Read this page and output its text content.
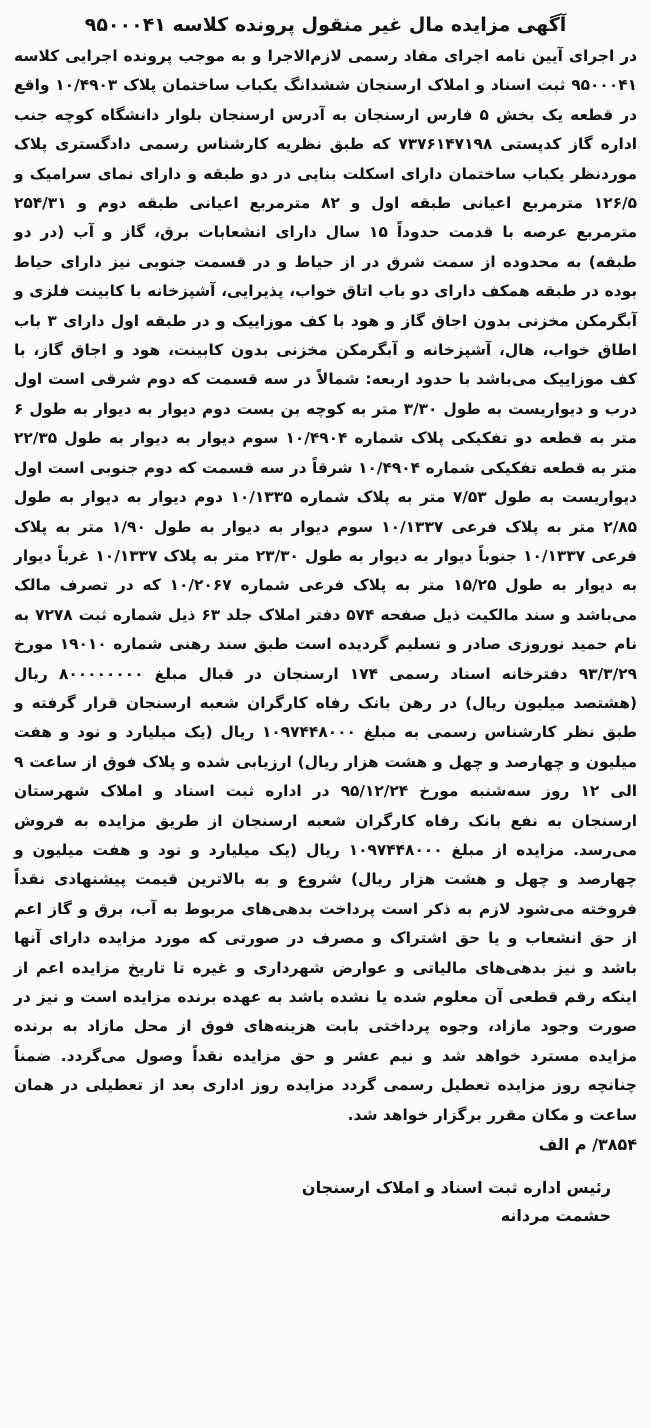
آگهی مزایده مال غیر منقول پرونده کلاسه ۹۵۰۰۰۴۱

در اجرای آیین نامه اجرای مفاد رسمی لازم‌الاجرا و به موجب پرونده اجرایی کلاسه ۹۵۰۰۰۴۱ ثبت اسناد و املاک ارسنجان ششدانگ یکباب ساختمان پلاک ۱۰/۴۹۰۳ واقع در قطعه یک بخش ۵ فارس ارسنجان به آدرس ارسنجان بلوار دانشگاه کوچه جنب اداره گاز کدپستی ۷۳۷۶۱۴۷۱۹۸ که طبق نظریه کارشناس رسمی دادگستری پلاک موردنظر یکباب ساختمان دارای اسکلت بنایی در دو طبقه و دارای نمای سرامیک و ۱۲۶/۵ مترمربع اعیانی طبقه اول و ۸۲ مترمربع اعیانی طبقه دوم و ۲۵۴/۳۱ مترمربع عرصه با قدمت حدوداً ۱۵ سال دارای انشعابات برق، گاز و آب (در دو طبقه) به محدوده از سمت شرق در از حیاط و در قسمت جنوبی نیز دارای حیاط بوده در طبقه همکف دارای دو باب اتاق خواب، پذیرایی، آشپزخانه با کابینت فلزی و آبگرمکن مخزنی بدون اجاق گاز و هود با کف موزاییک و در طبقه اول دارای ۳ باب اطاق خواب، هال، آشپزخانه و آبگرمکن مخزنی بدون کابینت، هود و اجاق گاز، با کف موزاییک می‌باشد با حدود اربعه: شمالاً در سه قسمت که دوم شرقی است اول درب و دیواریست به طول ۳/۳۰ متر به کوچه بن بست دوم دیوار به دیوار به طول ۶ متر به قطعه دو تفکیکی پلاک شماره ۱۰/۴۹۰۴ سوم دیوار به دیوار به طول ۲۲/۳۵ متر به قطعه تفکیکی شماره ۱۰/۴۹۰۴ شرقاً در سه قسمت که دوم جنوبی است اول دیواریست به طول ۷/۵۳ متر به پلاک شماره ۱۰/۱۳۳۵ دوم دیوار به دیوار به طول ۲/۸۵ متر به پلاک فرعی ۱۰/۱۳۳۷ سوم دیوار به دیوار به طول ۱/۹۰ متر به پلاک فرعی ۱۰/۱۳۳۷ جنوباً دیوار به دیوار به طول ۲۳/۳۰ متر به پلاک ۱۰/۱۳۳۷ غرباً دیوار به دیوار به طول ۱۵/۲۵ متر به پلاک فرعی شماره ۱۰/۲۰۶۷ که در تصرف مالک می‌باشد و سند مالکیت ذیل صفحه ۵۷۴ دفتر املاک جلد ۶۳ ذیل شماره ثبت ۷۲۷۸ به نام حمید نوروزی صادر و تسلیم گردیده است طبق سند رهنی شماره ۱۹۰۱۰ مورخ ۹۳/۳/۲۹ دفترخانه اسناد رسمی ۱۷۴ ارسنجان در قبال مبلغ ۸۰۰۰۰۰۰۰۰ ریال (هشتصد میلیون ریال) در رهن بانک رفاه کارگران شعبه ارسنجان قرار گرفته و طبق نظر کارشناس رسمی به مبلغ ۱۰۹۷۴۴۸۰۰۰ ریال (یک میلیارد و نود و هفت میلیون و چهارصد و چهل و هشت هزار ریال) ارزیابی شده و پلاک فوق از ساعت ۹ الی ۱۲ روز سه‌شنبه مورخ ۹۵/۱۲/۲۴ در اداره ثبت اسناد و املاک شهرستان ارسنجان به نفع بانک رفاه کارگران شعبه ارسنجان از طریق مزایده به فروش می‌رسد. مزایده از مبلغ ۱۰۹۷۴۴۸۰۰۰ ریال (یک میلیارد و نود و هفت میلیون و چهارصد و چهل و هشت هزار ریال) شروع و به بالاترین قیمت پیشنهادی نقداً فروخته می‌شود لازم به ذکر است پرداخت بدهی‌های مربوط به آب، برق و گاز اعم از حق انشعاب و یا حق اشتراک و مصرف در صورتی که مورد مزایده دارای آنها باشد و نیز بدهی‌های مالیاتی و عوارض شهرداری و غیره تا تاریخ مزایده اعم از اینکه رقم قطعی آن معلوم شده یا نشده باشد به عهده برنده مزایده است و نیز در صورت وجود مازاد، وجوه پرداختی بابت هزینه‌های فوق از محل مازاد به برنده مزایده مسترد خواهد شد و نیم عشر و حق مزایده نقداً وصول می‌گردد. ضمناً چنانچه روز مزایده تعطیل رسمی گردد مزایده روز اداری بعد از تعطیلی در همان ساعت و مکان مقرر برگزار خواهد شد.

۳۸۵۴/ م الف
رئیس اداره ثبت اسناد و املاک ارسنجان
حشمت مردانه
